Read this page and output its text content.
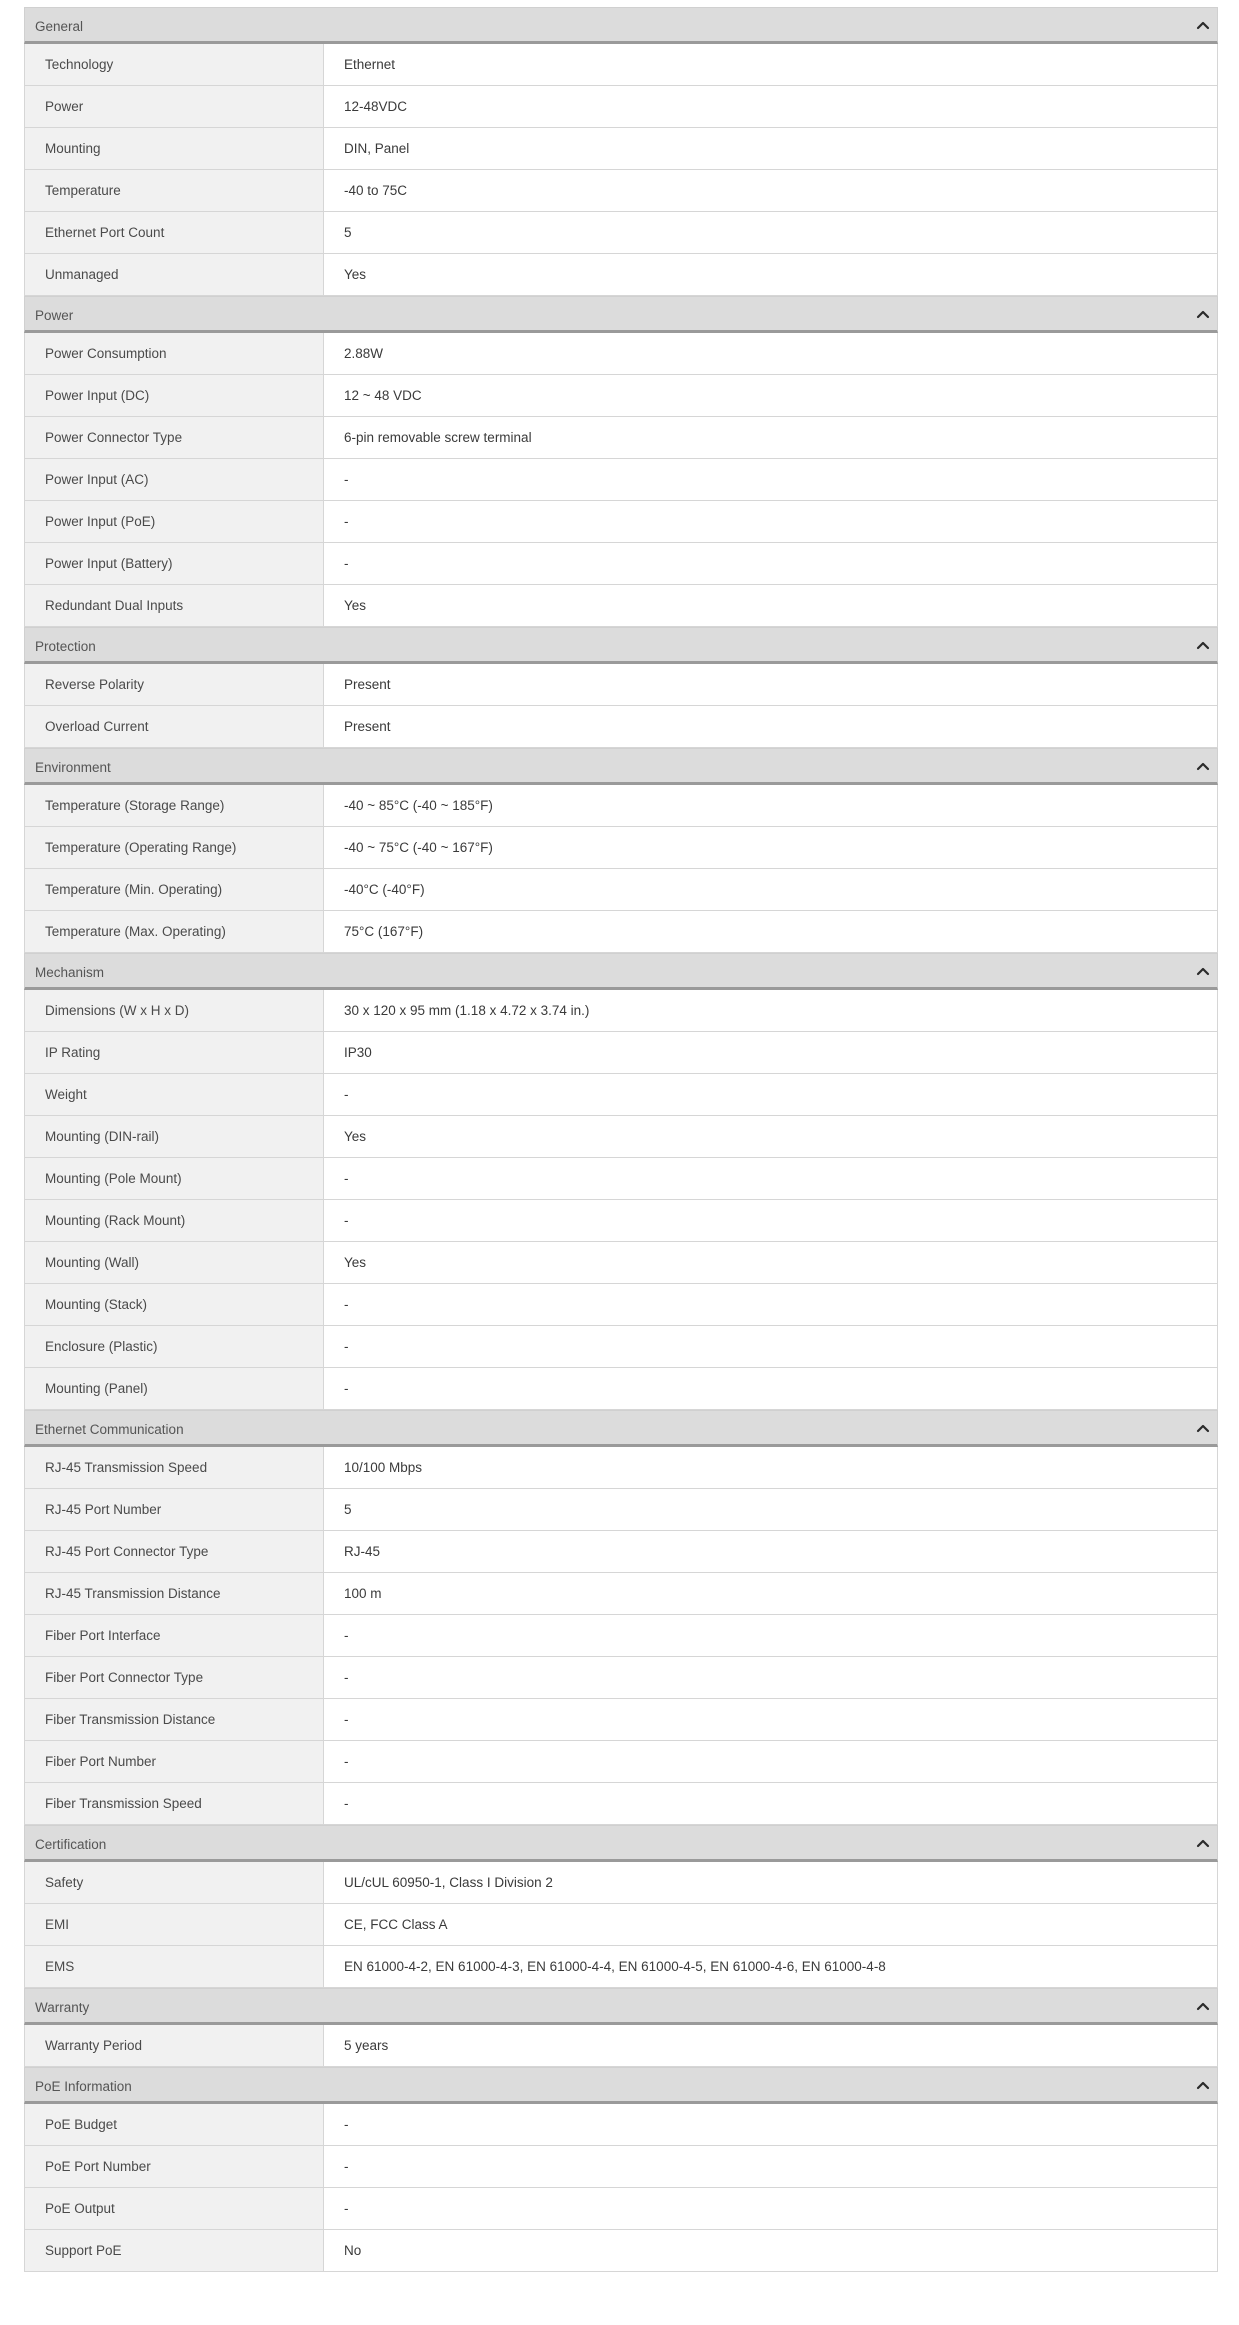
General
Technology	Ethernet
Power	12-48VDC
Mounting	DIN, Panel
Temperature	-40 to 75C
Ethernet Port Count	5
Unmanaged	Yes
Power
Power Consumption	2.88W
Power Input (DC)	12 ~ 48 VDC
Power Connector Type	6-pin removable screw terminal
Power Input (AC)	-
Power Input (PoE)	-
Power Input (Battery)	-
Redundant Dual Inputs	Yes
Protection
Reverse Polarity	Present
Overload Current	Present
Environment
Temperature (Storage Range)	-40 ~ 85°C (-40 ~ 185°F)
Temperature (Operating Range)	-40 ~ 75°C (-40 ~ 167°F)
Temperature (Min. Operating)	-40°C (-40°F)
Temperature (Max. Operating)	75°C (167°F)
Mechanism
Dimensions (W x H x D)	30 x 120 x 95 mm (1.18 x 4.72 x 3.74 in.)
IP Rating	IP30
Weight	-
Mounting (DIN-rail)	Yes
Mounting (Pole Mount)	-
Mounting (Rack Mount)	-
Mounting (Wall)	Yes
Mounting (Stack)	-
Enclosure (Plastic)	-
Mounting (Panel)	-
Ethernet Communication
RJ-45 Transmission Speed	10/100 Mbps
RJ-45 Port Number	5
RJ-45 Port Connector Type	RJ-45
RJ-45 Transmission Distance	100 m
Fiber Port Interface	-
Fiber Port Connector Type	-
Fiber Transmission Distance	-
Fiber Port Number	-
Fiber Transmission Speed	-
Certification
Safety	UL/cUL 60950-1, Class I Division 2
EMI	CE, FCC Class A
EMS	EN 61000-4-2, EN 61000-4-3, EN 61000-4-4, EN 61000-4-5, EN 61000-4-6, EN 61000-4-8
Warranty
Warranty Period	5 years
PoE Information
PoE Budget	-
PoE Port Number	-
PoE Output	-
Support PoE	No
